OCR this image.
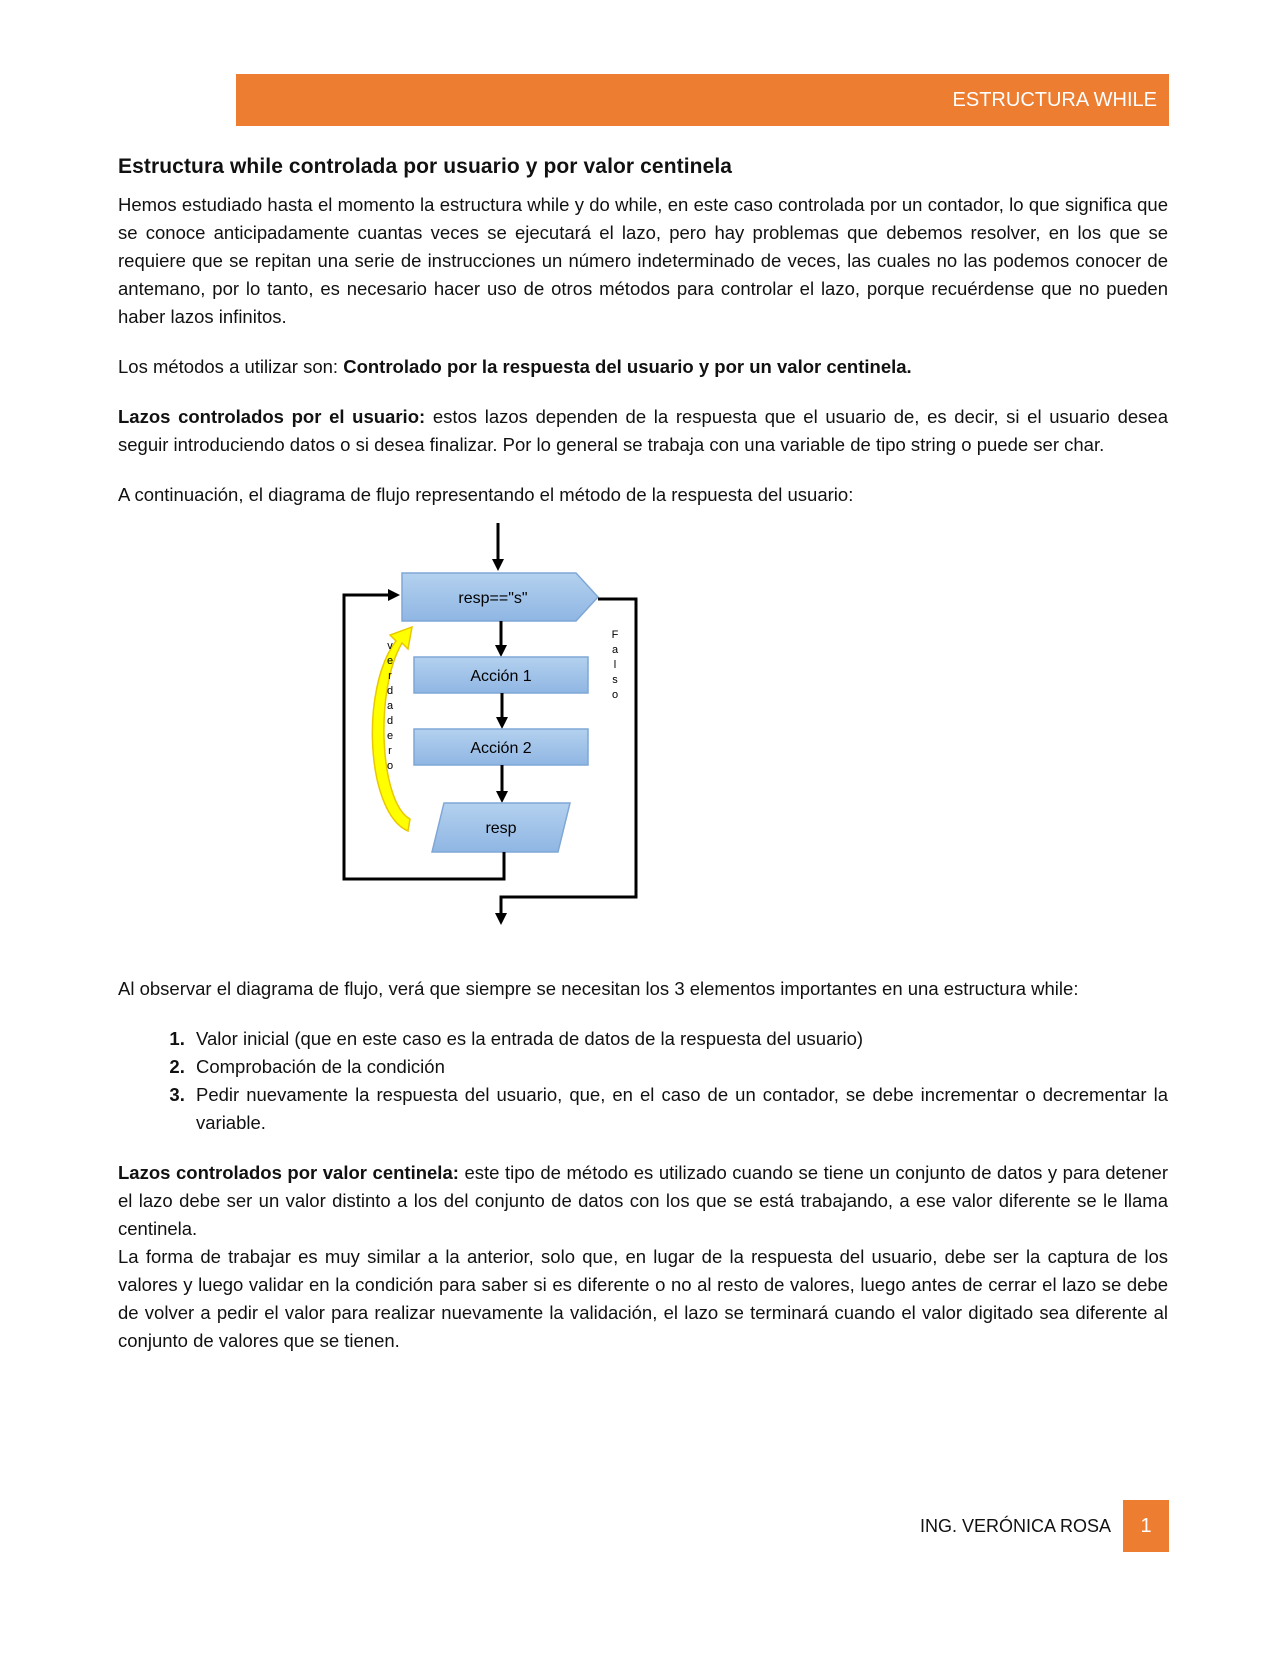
ESTRUCTURA WHILE
Estructura while controlada por usuario y por valor centinela

Hemos estudiado hasta el momento la estructura while y do while, en este caso controlada por un contador, lo que significa que se conoce anticipadamente cuantas veces se ejecutará el lazo, pero hay problemas que debemos resolver, en los que se requiere que se repitan una serie de instrucciones un número indeterminado de veces, las cuales no las podemos conocer de antemano, por lo tanto, es necesario hacer uso de otros métodos para controlar el lazo, porque recuérdense que no pueden haber lazos infinitos.

Los métodos a utilizar son: Controlado por la respuesta del usuario y por un valor centinela.

Lazos controlados por el usuario: estos lazos dependen de la respuesta que el usuario de, es decir, si el usuario desea seguir introduciendo datos o si desea finalizar. Por lo general se trabaja con una variable de tipo string o puede ser char.

A continuación, el diagrama de flujo representando el método de la respuesta del usuario:

resp=="s"
Acción 1
Acción 2
resp
v e r d a d e r o
F a l s o

Al observar el diagrama de flujo, verá que siempre se necesitan los 3 elementos importantes en una estructura while:

1. Valor inicial (que en este caso es la entrada de datos de la respuesta del usuario)
2. Comprobación de la condición
3. Pedir nuevamente la respuesta del usuario, que, en el caso de un contador, se debe incrementar o decrementar la variable.

Lazos controlados por valor centinela: este tipo de método es utilizado cuando se tiene un conjunto de datos y para detener el lazo debe ser un valor distinto a los del conjunto de datos con los que se está trabajando, a ese valor diferente se le llama centinela.

La forma de trabajar es muy similar a la anterior, solo que, en lugar de la respuesta del usuario, debe ser la captura de los valores y luego validar en la condición para saber si es diferente o no al resto de valores, luego antes de cerrar el lazo se debe de volver a pedir el valor para realizar nuevamente la validación, el lazo se terminará cuando el valor digitado sea diferente al conjunto de valores que se tienen.

ING. VERÓNICA ROSA	1
